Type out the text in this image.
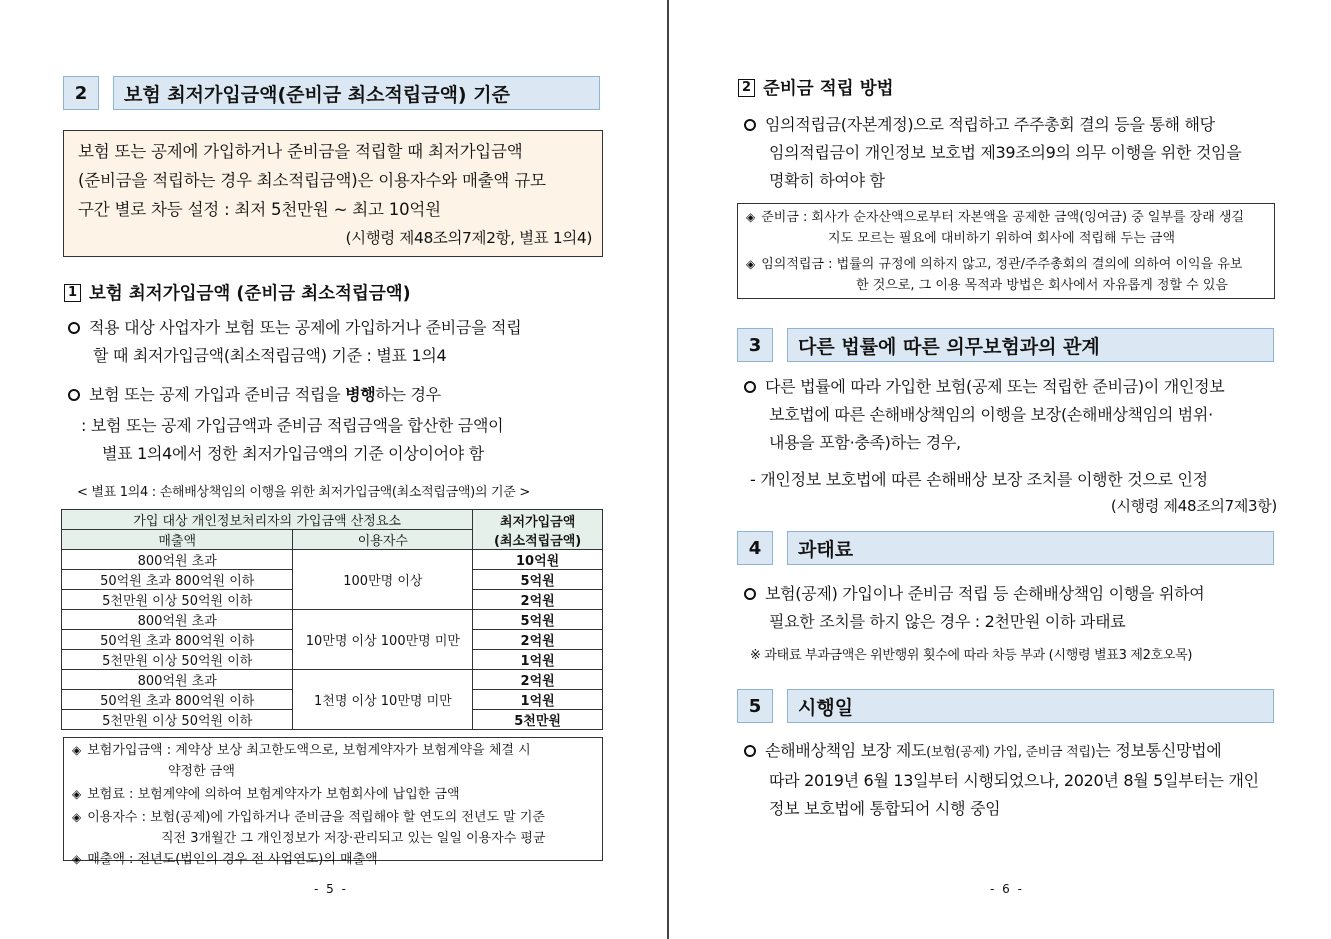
2	보험 최저가입금액(준비금 최소적립금액) 기준
보험 또는 공제에 가입하거나 준비금을 적립할 때 최저가입금액
(준비금을 적립하는 경우 최소적립금액)은 이용자수와 매출액 규모
구간 별로 차등 설정 : 최저 5천만원 ~ 최고 10억원
(시행령 제48조의7제2항, 별표 1의4)
1 보험 최저가입금액 (준비금 최소적립금액)
적용 대상 사업자가 보험 또는 공제에 가입하거나 준비금을 적립
할 때 최저가입금액(최소적립금액) 기준 : 별표 1의4
보험 또는 공제 가입과 준비금 적립을 병행하는 경우
: 보험 또는 공제 가입금액과 준비금 적립금액을 합산한 금액이
별표 1의4에서 정한 최저가입금액의 기준 이상이어야 함
< 별표 1의4 : 손해배상책임의 이행을 위한 최저가입금액(최소적립금액)의 기준 >
가입 대상 개인정보처리자의 가입금액 산정요소		최저가입금액
(최소적립금액)

매출액	이용자수	
800억원 초과	100만명 이상	10억원
50억원 초과 800억원 이하		5억원
5천만원 이상 50억원 이하		2억원
800억원 초과	10만명 이상 100만명 미만	5억원
50억원 초과 800억원 이하		2억원
5천만원 이상 50억원 이하		1억원
800억원 초과	1천명 이상 10만명 미만	2억원
50억원 초과 800억원 이하		1억원
5천만원 이상 50억원 이하		5천만원
◈ 보험가입금액 : 계약상 보상 최고한도액으로, 보험계약자가 보험계약을 체결 시
약정한 금액
◈ 보험료 : 보험계약에 의하여 보험계약자가 보험회사에 납입한 금액
◈ 이용자수 : 보험(공제)에 가입하거나 준비금을 적립해야 할 연도의 전년도 말 기준
직전 3개월간 그 개인정보가 저장·관리되고 있는 일일 이용자수 평균
◈ 매출액 : 전년도(법인의 경우 전 사업연도)의 매출액
- 5 -
2 준비금 적립 방법
임의적립금(자본계정)으로 적립하고 주주총회 결의 등을 통해 해당
임의적립금이 개인정보 보호법 제39조의9의 의무 이행을 위한 것임을
명확히 하여야 함
◈ 준비금 : 회사가 순자산액으로부터 자본액을 공제한 금액(잉여금) 중 일부를 장래 생길
지도 모르는 필요에 대비하기 위하여 회사에 적립해 두는 금액
◈ 임의적립금 : 법률의 규정에 의하지 않고, 정관/주주총회의 결의에 의하여 이익을 유보
한 것으로, 그 이용 목적과 방법은 회사에서 자유롭게 정할 수 있음
3	다른 법률에 따른 의무보험과의 관계
다른 법률에 따라 가입한 보험(공제 또는 적립한 준비금)이 개인정보
보호법에 따른 손해배상책임의 이행을 보장(손해배상책임의 범위·
내용을 포함·충족)하는 경우,
- 개인정보 보호법에 따른 손해배상 보장 조치를 이행한 것으로 인정
(시행령 제48조의7제3항)
4	과태료
보험(공제) 가입이나 준비금 적립 등 손해배상책임 이행을 위하여
필요한 조치를 하지 않은 경우 : 2천만원 이하 과태료
※ 과태료 부과금액은 위반행위 횟수에 따라 차등 부과 (시행령 별표3 제2호오목)
5	시행일
손해배상책임 보장 제도(보험(공제) 가입, 준비금 적립)는 정보통신망법에
따라 2019년 6월 13일부터 시행되었으나, 2020년 8월 5일부터는 개인
정보 보호법에 통합되어 시행 중임
- 6 -
